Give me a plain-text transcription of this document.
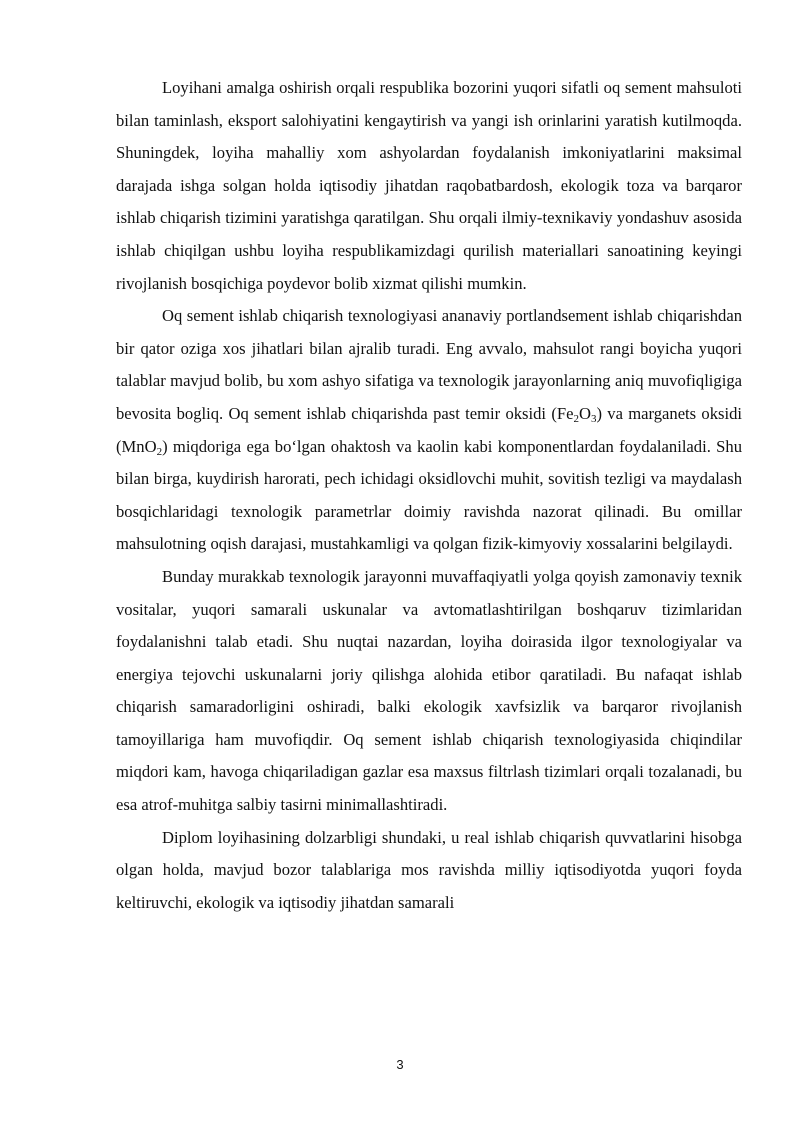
Loyihani amalga oshirish orqali respublika bozorini yuqori sifatli oq sement mahsuloti bilan taminlash, eksport salohiyatini kengaytirish va yangi ish orinlarini yaratish kutilmoqda. Shuningdek, loyiha mahalliy xom ashyolardan foydalanish imkoniyatlarini maksimal darajada ishga solgan holda iqtisodiy jihatdan raqobatbardosh, ekologik toza va barqaror ishlab chiqarish tizimini yaratishga qaratilgan. Shu orqali ilmiy-texnikaviy yondashuv asosida ishlab chiqilgan ushbu loyiha respublikamizdagi qurilish materiallari sanoatining keyingi rivojlanish bosqichiga poydevor bolib xizmat qilishi mumkin.

Oq sement ishlab chiqarish texnologiyasi ananaviy portlandsement ishlab chiqarishdan bir qator oziga xos jihatlari bilan ajralib turadi. Eng avvalo, mahsulot rangi boyicha yuqori talablar mavjud bolib, bu xom ashyo sifatiga va texnologik jarayonlarning aniq muvofiqligiga bevosita bogliq. Oq sement ishlab chiqarishda past temir oksidi $(Fe_2O_3)$ va marganets oksidi (MnO$_2$) miqdoriga ega boʻlgan ohaktosh va kaolin kabi komponentlardan foydalaniladi. Shu bilan birga, kuydirish harorati, pech ichidagi oksidlovchi muhit, sovitish tezligi va maydalash bosqichlaridagi texnologik parametrlar doimiy ravishda nazorat qilinadi. Bu omillar mahsulotning oqish darajasi, mustahkamligi va qolgan fizik-kimyoviy xossalarini belgilaydi.

Bunday murakkab texnologik jarayonni muvaffaqiyatli yolga qoyish zamonaviy texnik vositalar, yuqori samarali uskunalar va avtomatlashtirilgan boshqaruv tizimlaridan foydalanishni talab etadi. Shu nuqtai nazardan, loyiha doirasida ilgor texnologiyalar va energiya tejovchi uskunalarni joriy qilishga alohida etibor qaratiladi. Bu nafaqat ishlab chiqarish samaradorligini oshiradi, balki ekologik xavfsizlik va barqaror rivojlanish tamoyillariga ham muvofiqdir. Oq sement ishlab chiqarish texnologiyasida chiqindilar miqdori kam, havoga chiqariladigan gazlar esa maxsus filtrlash tizimlari orqali tozalanadi, bu esa atrof-muhitga salbiy tasirni minimallashtiradi.

Diplom loyihasining dolzarbligi shundaki, u real ishlab chiqarish quvvatlarini hisobga olgan holda, mavjud bozor talablariga mos ravishda milliy iqtisodiyotda yuqori foyda keltiruvchi, ekologik va iqtisodiy jihatdan samarali

3
